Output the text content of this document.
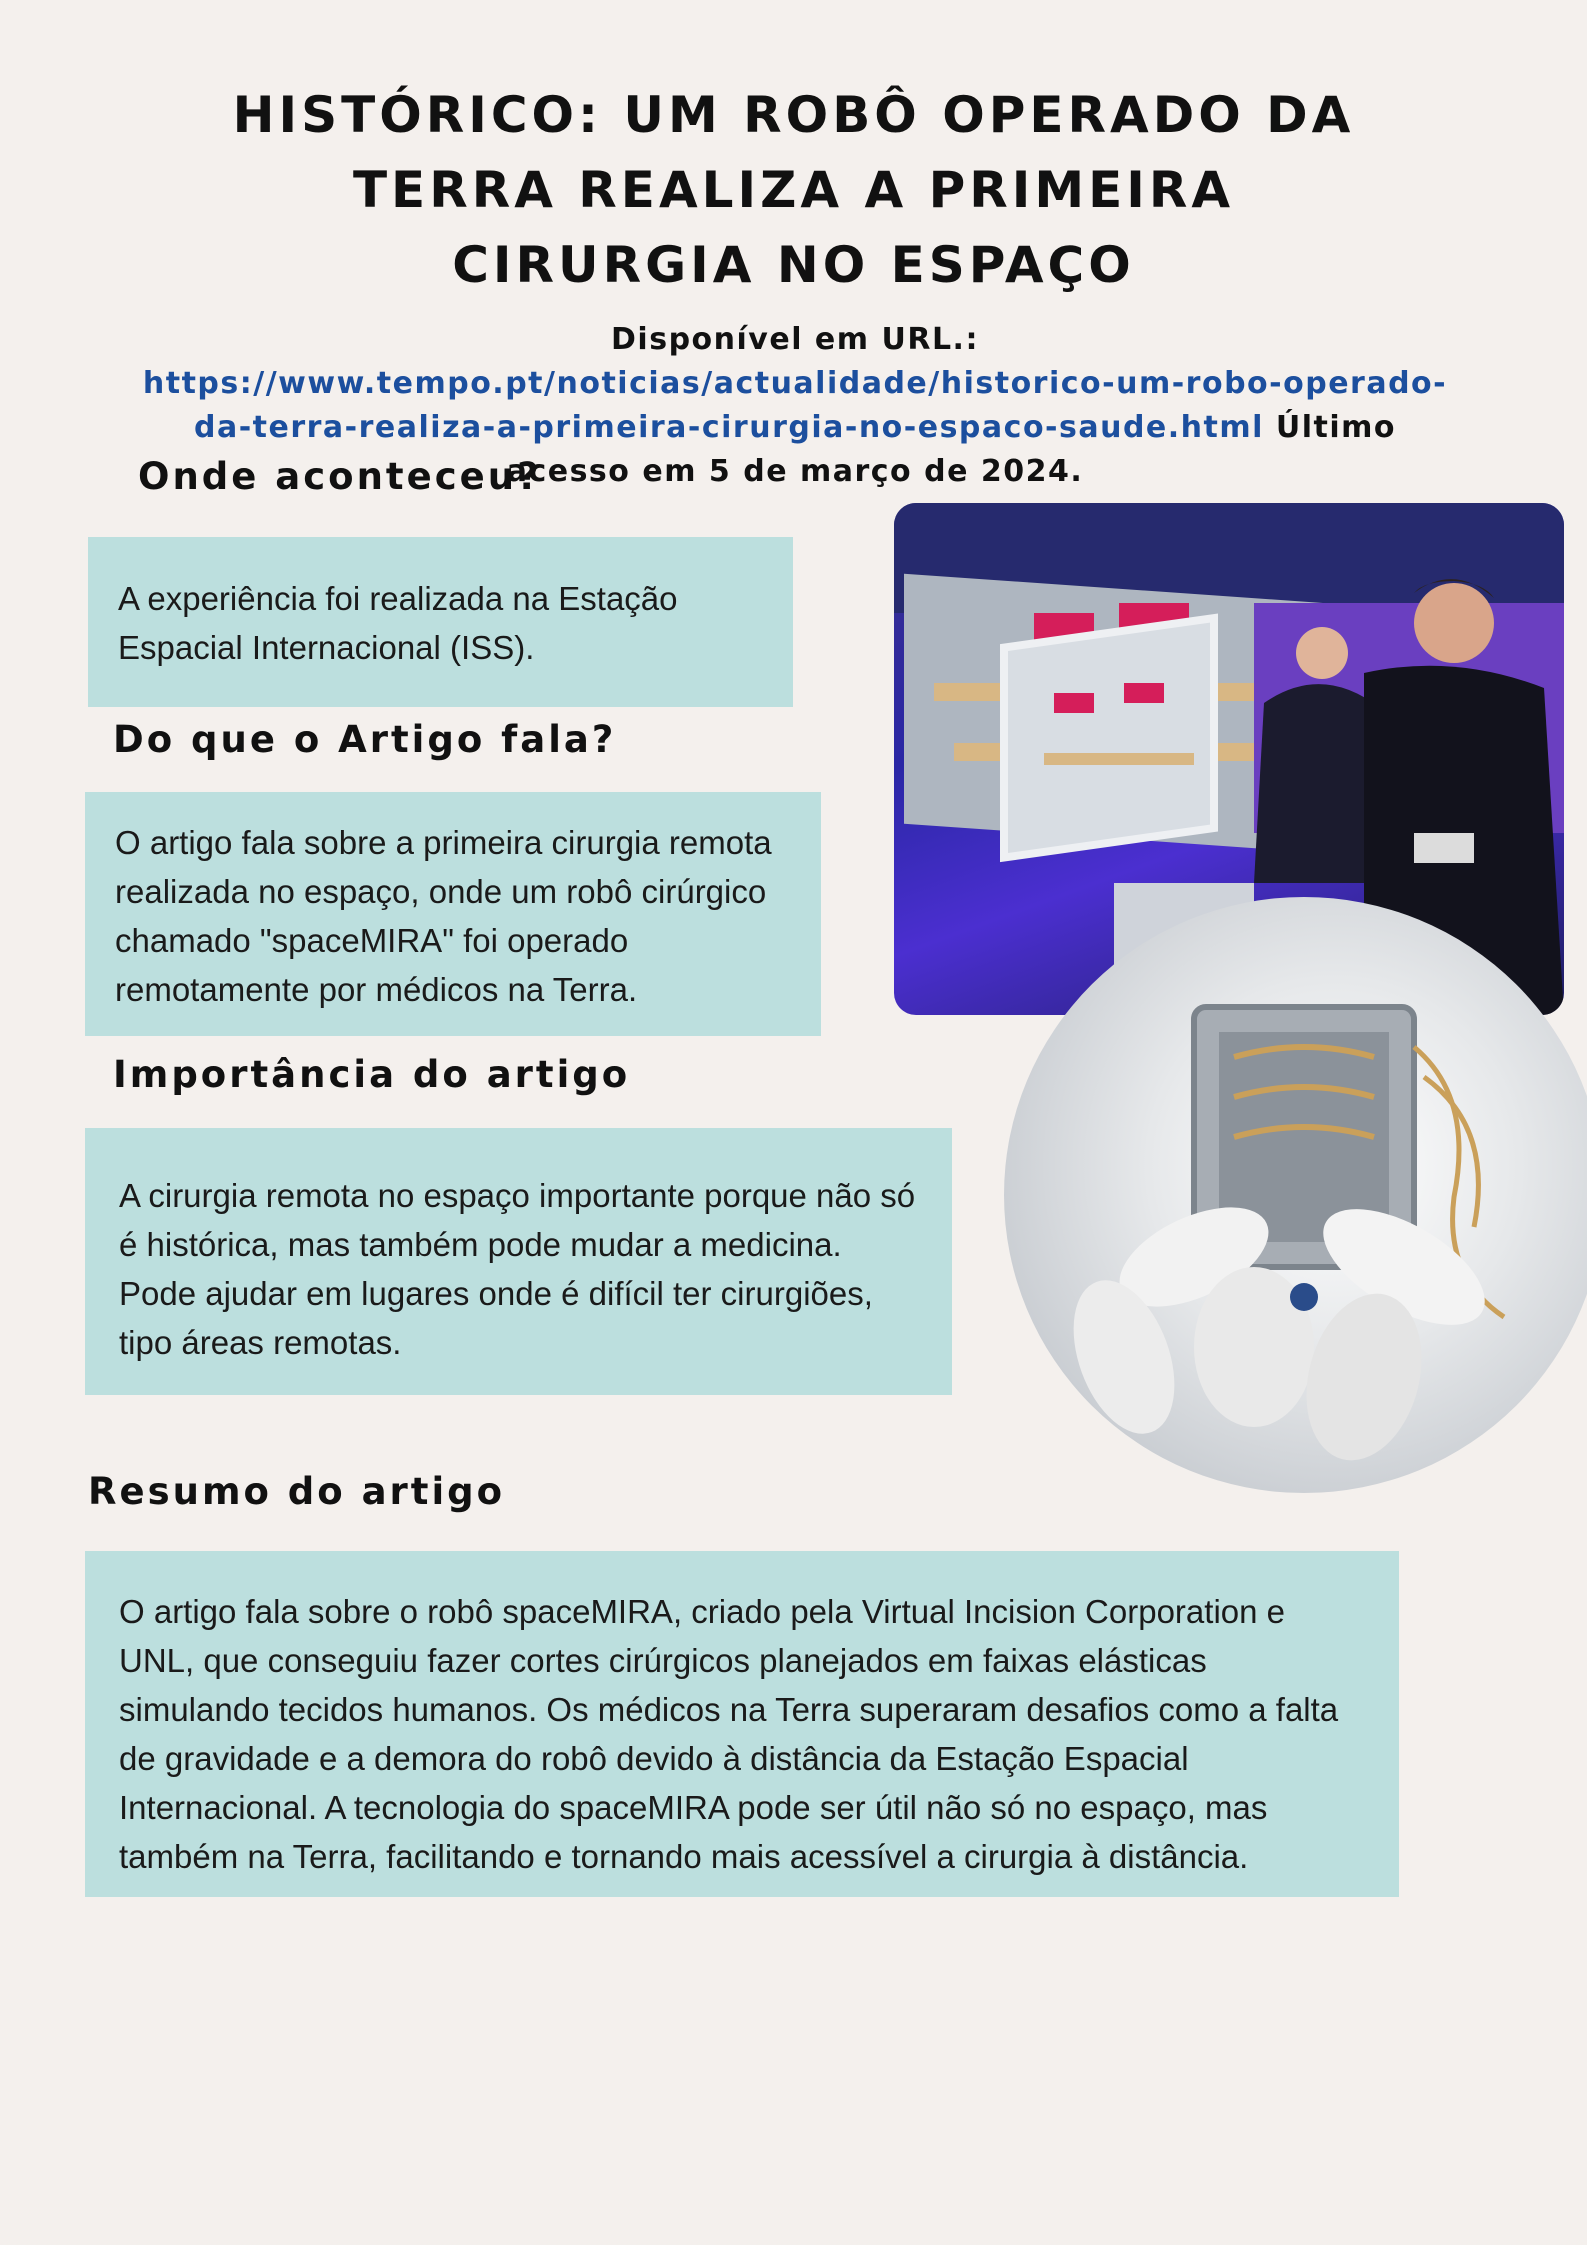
HISTÓRICO: UM ROBÔ OPERADO DA
TERRA REALIZA A PRIMEIRA
CIRURGIA NO ESPAÇO
Disponível em URL.: https://www.tempo.pt/noticias/actualidade/historico-um-robo-operado-da-terra-realiza-a-primeira-cirurgia-no-espaco-saude.html Último acesso em 5 de março de 2024.
Onde aconteceu?

A experiência foi realizada na Estação Espacial Internacional (ISS).

Do que o Artigo fala?

O artigo fala sobre a primeira cirurgia remota realizada no espaço, onde um robô cirúrgico chamado "spaceMIRA" foi operado remotamente por médicos na Terra.

Importância do artigo

A cirurgia remota no espaço importante porque não só é histórica, mas também pode mudar a medicina. Pode ajudar em lugares onde é difícil ter cirurgiões, tipo áreas remotas.

Resumo do artigo

O artigo fala sobre o robô spaceMIRA, criado pela Virtual Incision Corporation e UNL, que conseguiu fazer cortes cirúrgicos planejados em faixas elásticas simulando tecidos humanos. Os médicos na Terra superaram desafios como a falta de gravidade e a demora do robô devido à distância da Estação Espacial Internacional. A tecnologia do spaceMIRA pode ser útil não só no espaço, mas também na Terra, facilitando e tornando mais acessível a cirurgia à distância.
